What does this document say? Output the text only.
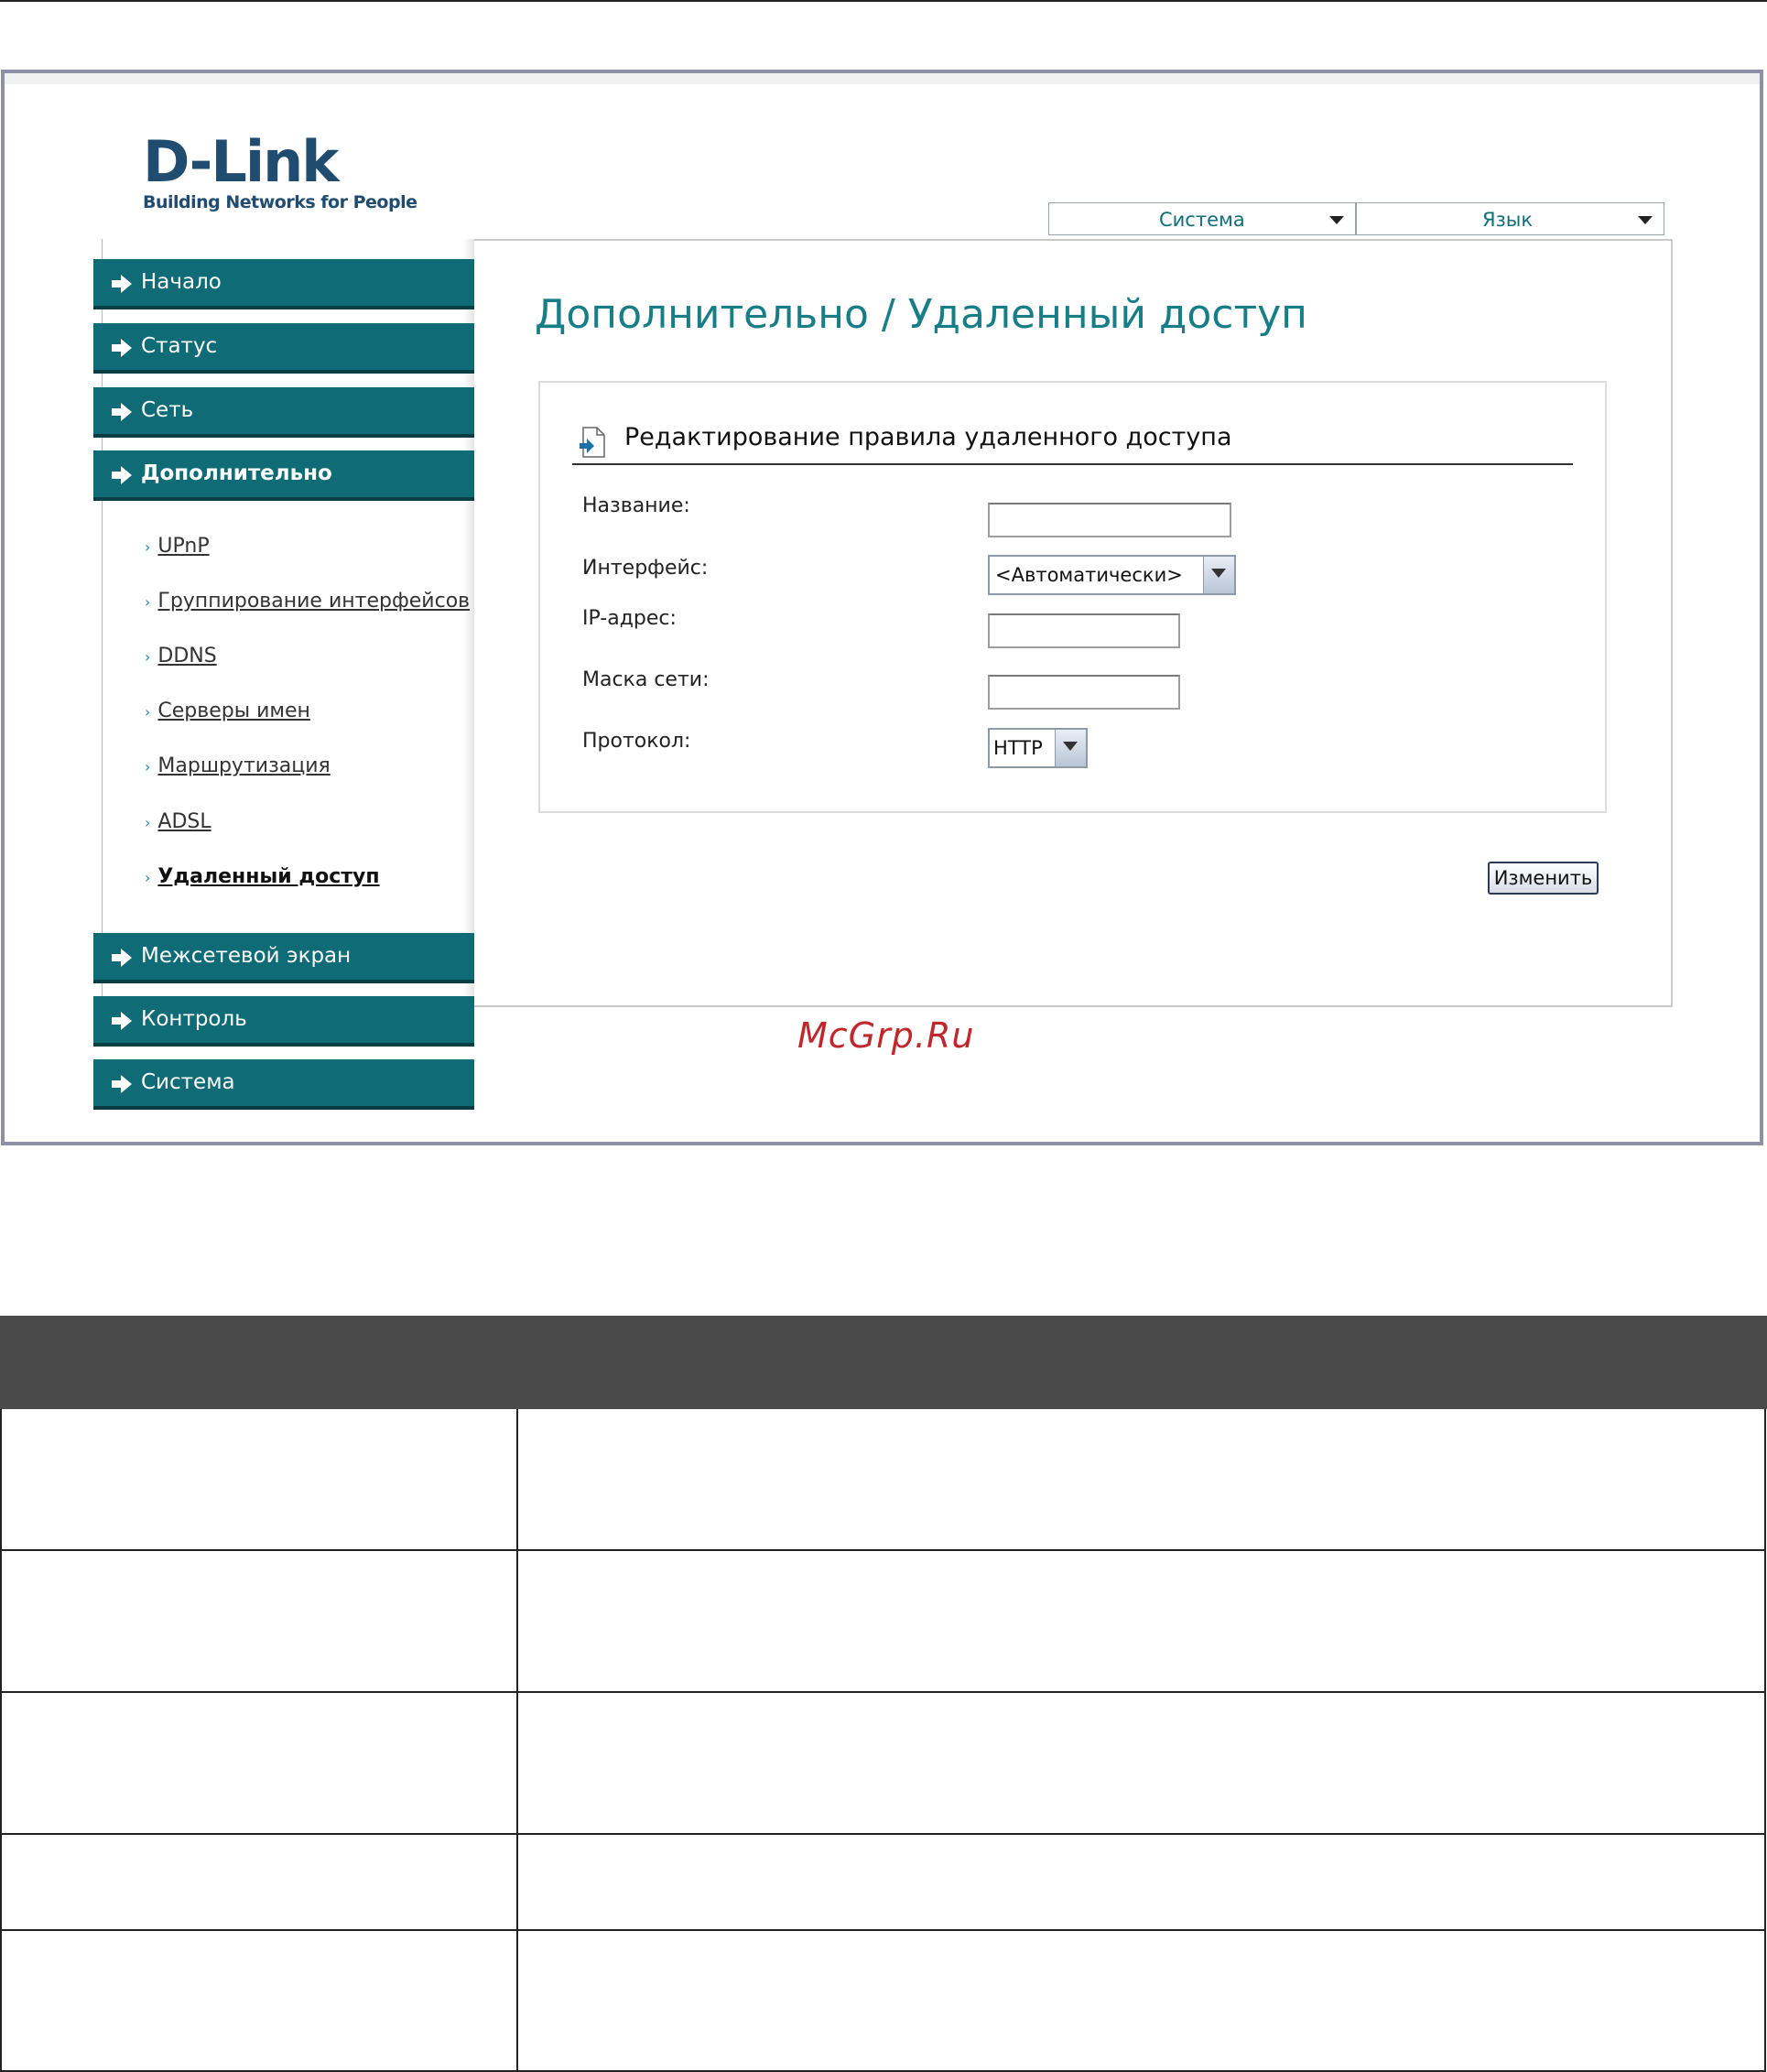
D-Link
Building Networks for People
Система	Язык
Дополнительно / Удаленный доступ
Начало
Статус
Сеть
Дополнительно
› UPnP
› Группирование интерфейсов
› DDNS
› Серверы имен
› Маршрутизация
› ADSL
› Удаленный доступ
Межсетевой экран
Контроль
Система
Редактирование правила удаленного доступа
Название:
Интерфейс:	<Автоматически>
IP-адрес:
Маска сети:
Протокол:	HTTP
Изменить
McGrp.Ru
